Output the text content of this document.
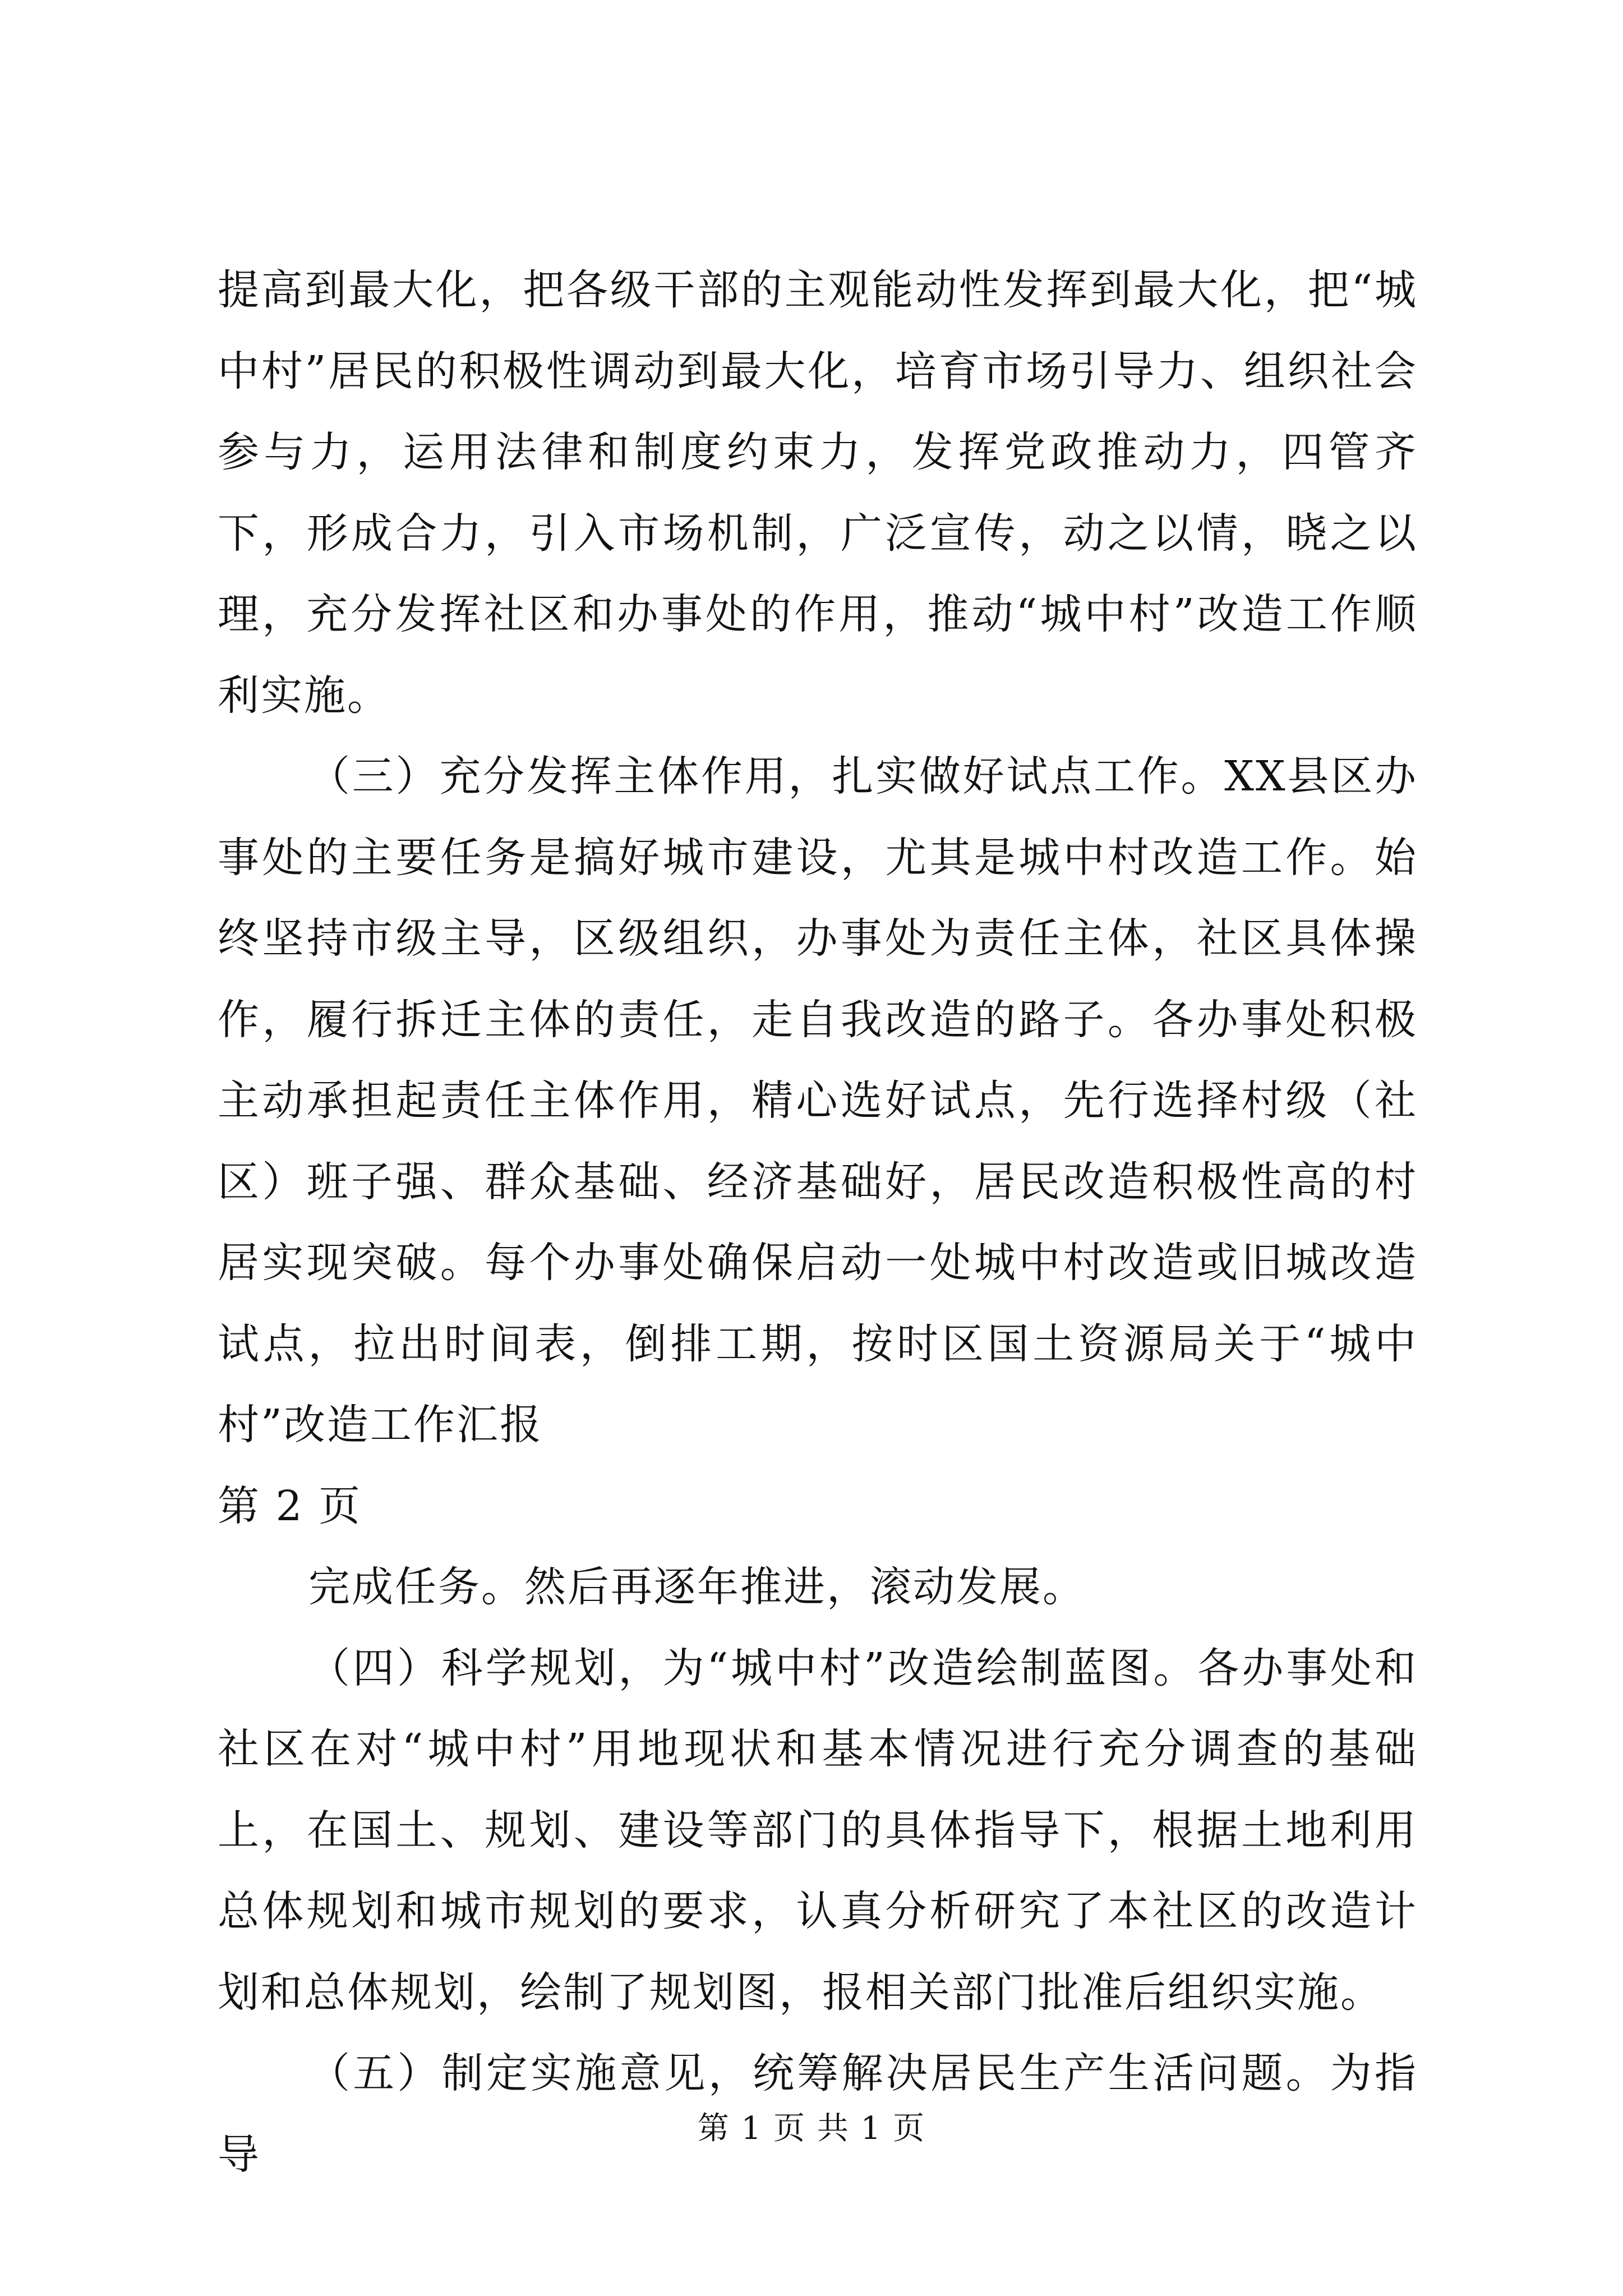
提高到最大化，把各级干部的主观能动性发挥到最大化，把“城中村”居民的积极性调动到最大化，培育市场引导力、组织社会参与力，运用法律和制度约束力，发挥党政推动力，四管齐下，形成合力，引入市场机制，广泛宣传，动之以情，晓之以理，充分发挥社区和办事处的作用，推动“城中村”改造工作顺利实施。

（三）充分发挥主体作用，扎实做好试点工作。XX县区办事处的主要任务是搞好城市建设，尤其是城中村改造工作。始终坚持市级主导，区级组织，办事处为责任主体，社区具体操作，履行拆迁主体的责任，走自我改造的路子。各办事处积极主动承担起责任主体作用，精心选好试点，先行选择村级（社区）班子强、群众基础、经济基础好，居民改造积极性高的村居实现突破。每个办事处确保启动一处城中村改造或旧城改造试点，拉出时间表，倒排工期，按时区国土资源局关于“城中村”改造工作汇报

第 2 页

完成任务。然后再逐年推进，滚动发展。

（四）科学规划，为“城中村”改造绘制蓝图。各办事处和社区在对“城中村”用地现状和基本情况进行充分调查的基础上，在国土、规划、建设等部门的具体指导下，根据土地利用总体规划和城市规划的要求，认真分析研究了本社区的改造计划和总体规划，绘制了规划图，报相关部门批准后组织实施。

（五）制定实施意见，统筹解决居民生产生活问题。为指导

第 1 页 共 1 页
